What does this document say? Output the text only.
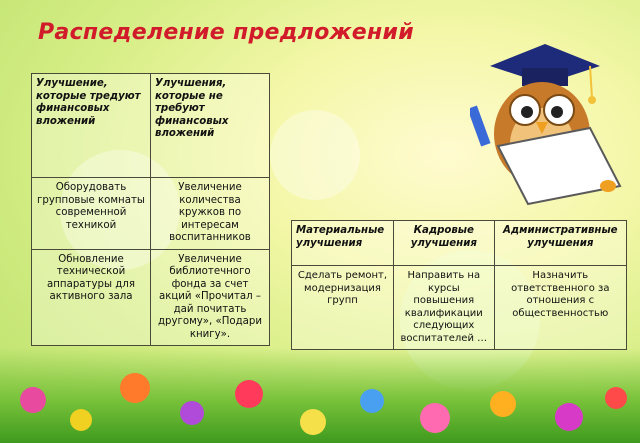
Распеделение предложений
Улучшение, которые тредуют финансовых вложений	Улучшения, которые не требуют финансовых вложений
Оборудовать групповые комнаты современной техникой	Увеличение количества кружков по интересам воспитанников
Обновление технической аппаратуры для активного зала	Увеличение библиотечного фонда за счет акций «Прочитал – дай почитать другому», «Подари книгу».
Материальные улучшения	Кадровые улучшения	Административные улучшения
Сделать ремонт, модернизация групп	Направить на курсы повышения квалификации следующих воспитателей …	Назначить ответственного за отношения с общественностью
